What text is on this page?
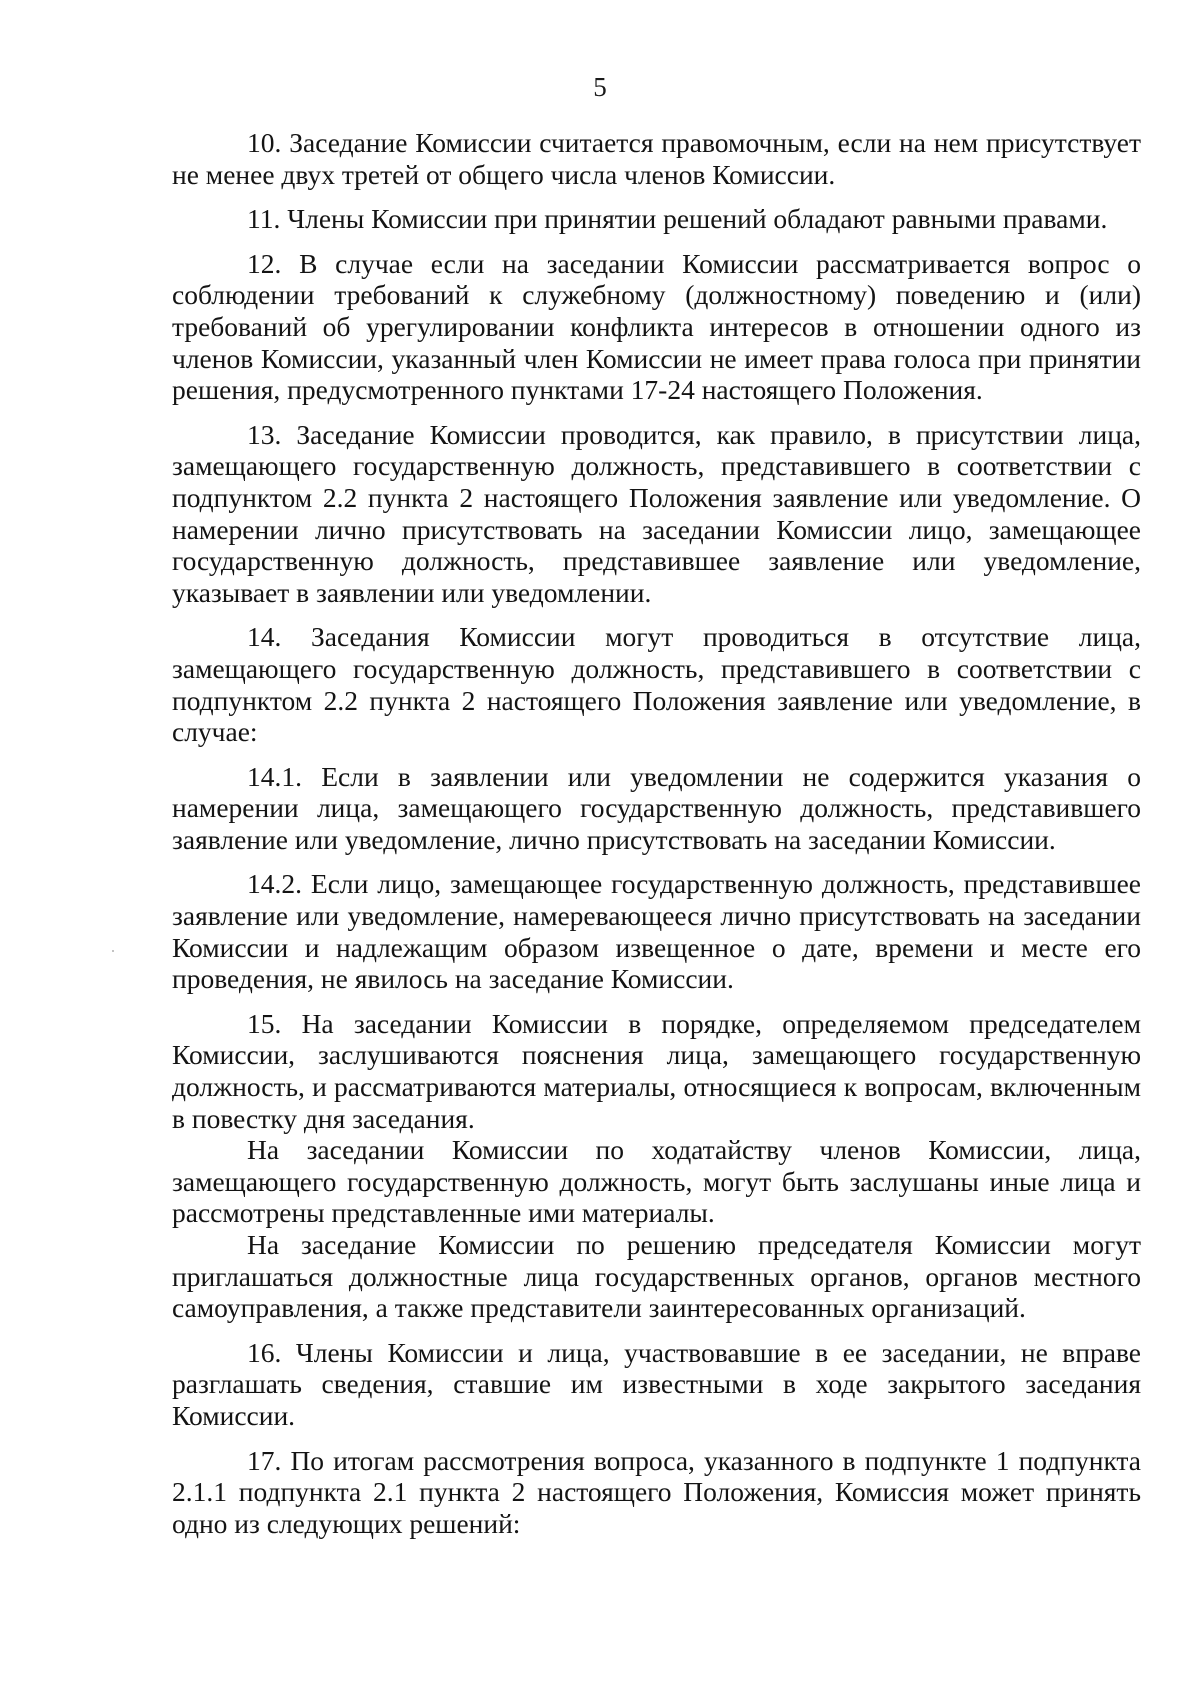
5

10. Заседание Комиссии считается правомочным, если на нем присутствует не менее двух третей от общего числа членов Комиссии.

11. Члены Комиссии при принятии решений обладают равными правами.

12. В случае если на заседании Комиссии рассматривается вопрос о соблюдении требований к служебному (должностному) поведению и (или) требований об урегулировании конфликта интересов в отношении одного из членов Комиссии, указанный член Комиссии не имеет права голоса при принятии решения, предусмотренного пунктами 17-24 настоящего Положения.

13. Заседание Комиссии проводится, как правило, в присутствии лица, замещающего государственную должность, представившего в соответствии с подпунктом 2.2 пункта 2 настоящего Положения заявление или уведомление. О намерении лично присутствовать на заседании Комиссии лицо, замещающее государственную должность, представившее заявление или уведомление, указывает в заявлении или уведомлении.

14. Заседания Комиссии могут проводиться в отсутствие лица, замещающего государственную должность, представившего в соответствии с подпунктом 2.2 пункта 2 настоящего Положения заявление или уведомление, в случае:

14.1. Если в заявлении или уведомлении не содержится указания о намерении лица, замещающего государственную должность, представившего заявление или уведомление, лично присутствовать на заседании Комиссии.

14.2. Если лицо, замещающее государственную должность, представившее заявление или уведомление, намеревающееся лично присутствовать на заседании Комиссии и надлежащим образом извещенное о дате, времени и месте его проведения, не явилось на заседание Комиссии.

15. На заседании Комиссии в порядке, определяемом председателем Комиссии, заслушиваются пояснения лица, замещающего государственную должность, и рассматриваются материалы, относящиеся к вопросам, включенным в повестку дня заседания.

На заседании Комиссии по ходатайству членов Комиссии, лица, замещающего государственную должность, могут быть заслушаны иные лица и рассмотрены представленные ими материалы.

На заседание Комиссии по решению председателя Комиссии могут приглашаться должностные лица государственных органов, органов местного самоуправления, а также представители заинтересованных организаций.

16. Члены Комиссии и лица, участвовавшие в ее заседании, не вправе разглашать сведения, ставшие им известными в ходе закрытого заседания Комиссии.

17. По итогам рассмотрения вопроса, указанного в подпункте 1 подпункта 2.1.1 подпункта 2.1 пункта 2 настоящего Положения, Комиссия может принять одно из следующих решений:
